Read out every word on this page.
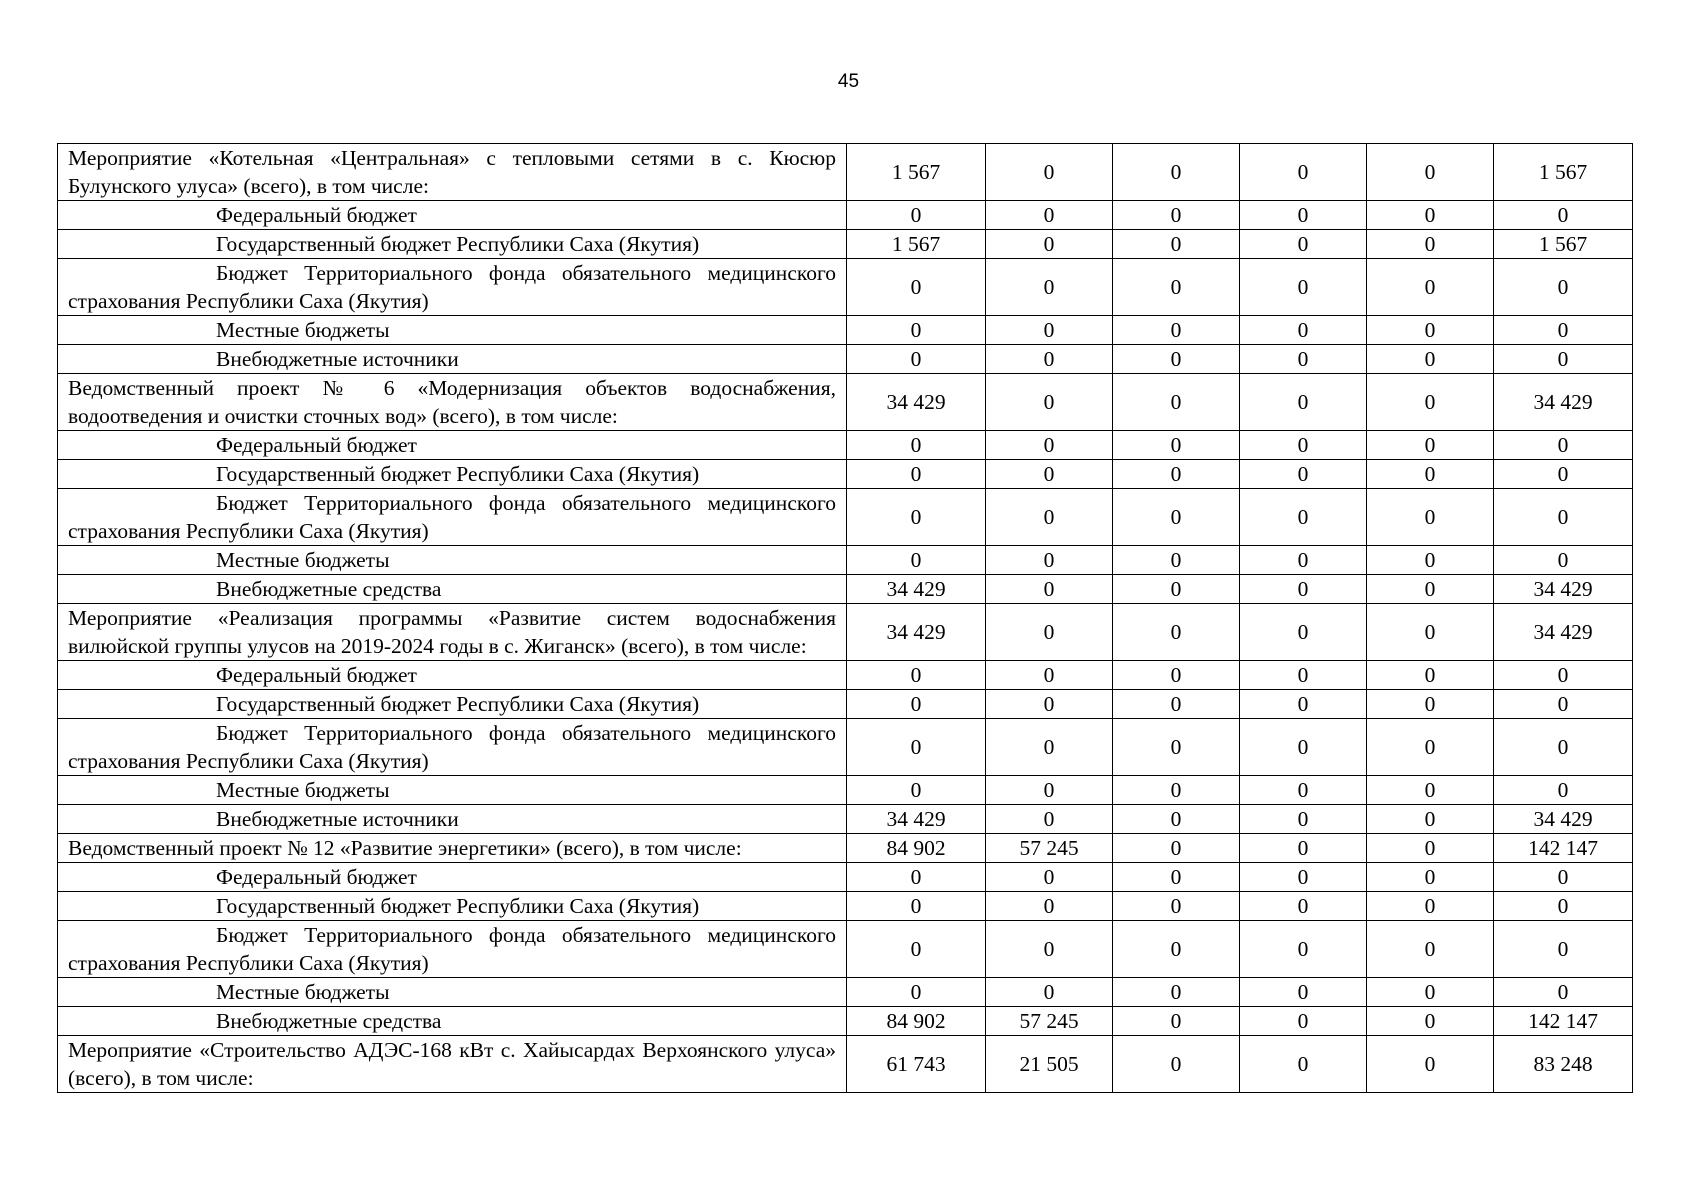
45
Мероприятие «Котельная «Центральная» с тепловыми сетями в с. Кюсюр Булунского улуса» (всего), в том числе:	1 567	0	0	0	0	1 567
Федеральный бюджет	0	0	0	0	0	0
Государственный бюджет Республики Саха (Якутия)	1 567	0	0	0	0	1 567
Бюджет Территориального фонда обязательного медицинского страхования Республики Саха (Якутия)	0	0	0	0	0	0
Местные бюджеты	0	0	0	0	0	0
Внебюджетные источники	0	0	0	0	0	0
Ведомственный проект № 6 «Модернизация объектов водоснабжения, водоотведения и очистки сточных вод» (всего), в том числе:	34 429	0	0	0	0	34 429
Федеральный бюджет	0	0	0	0	0	0
Государственный бюджет Республики Саха (Якутия)	0	0	0	0	0	0
Бюджет Территориального фонда обязательного медицинского страхования Республики Саха (Якутия)	0	0	0	0	0	0
Местные бюджеты	0	0	0	0	0	0
Внебюджетные средства	34 429	0	0	0	0	34 429
Мероприятие «Реализация программы «Развитие систем водоснабжения вилюйской группы улусов на 2019-2024 годы в с. Жиганск» (всего), в том числе:	34 429	0	0	0	0	34 429
Федеральный бюджет	0	0	0	0	0	0
Государственный бюджет Республики Саха (Якутия)	0	0	0	0	0	0
Бюджет Территориального фонда обязательного медицинского страхования Республики Саха (Якутия)	0	0	0	0	0	0
Местные бюджеты	0	0	0	0	0	0
Внебюджетные источники	34 429	0	0	0	0	34 429
Ведомственный проект № 12 «Развитие энергетики» (всего), в том числе:	84 902	57 245	0	0	0	142 147
Федеральный бюджет	0	0	0	0	0	0
Государственный бюджет Республики Саха (Якутия)	0	0	0	0	0	0
Бюджет Территориального фонда обязательного медицинского страхования Республики Саха (Якутия)	0	0	0	0	0	0
Местные бюджеты	0	0	0	0	0	0
Внебюджетные средства	84 902	57 245	0	0	0	142 147
Мероприятие «Строительство АДЭС-168 кВт с. Хайысардах Верхоянского улуса» (всего), в том числе:	61 743	21 505	0	0	0	83 248
